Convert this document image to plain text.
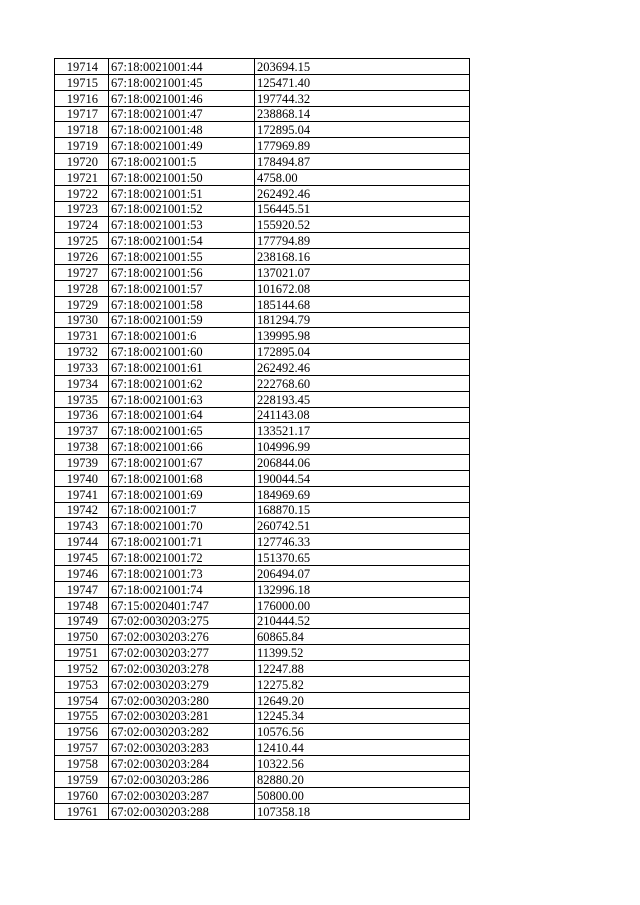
19714	67:18:0021001:44	203694.15
19715	67:18:0021001:45	125471.40
19716	67:18:0021001:46	197744.32
19717	67:18:0021001:47	238868.14
19718	67:18:0021001:48	172895.04
19719	67:18:0021001:49	177969.89
19720	67:18:0021001:5	178494.87
19721	67:18:0021001:50	4758.00
19722	67:18:0021001:51	262492.46
19723	67:18:0021001:52	156445.51
19724	67:18:0021001:53	155920.52
19725	67:18:0021001:54	177794.89
19726	67:18:0021001:55	238168.16
19727	67:18:0021001:56	137021.07
19728	67:18:0021001:57	101672.08
19729	67:18:0021001:58	185144.68
19730	67:18:0021001:59	181294.79
19731	67:18:0021001:6	139995.98
19732	67:18:0021001:60	172895.04
19733	67:18:0021001:61	262492.46
19734	67:18:0021001:62	222768.60
19735	67:18:0021001:63	228193.45
19736	67:18:0021001:64	241143.08
19737	67:18:0021001:65	133521.17
19738	67:18:0021001:66	104996.99
19739	67:18:0021001:67	206844.06
19740	67:18:0021001:68	190044.54
19741	67:18:0021001:69	184969.69
19742	67:18:0021001:7	168870.15
19743	67:18:0021001:70	260742.51
19744	67:18:0021001:71	127746.33
19745	67:18:0021001:72	151370.65
19746	67:18:0021001:73	206494.07
19747	67:18:0021001:74	132996.18
19748	67:15:0020401:747	176000.00
19749	67:02:0030203:275	210444.52
19750	67:02:0030203:276	60865.84
19751	67:02:0030203:277	11399.52
19752	67:02:0030203:278	12247.88
19753	67:02:0030203:279	12275.82
19754	67:02:0030203:280	12649.20
19755	67:02:0030203:281	12245.34
19756	67:02:0030203:282	10576.56
19757	67:02:0030203:283	12410.44
19758	67:02:0030203:284	10322.56
19759	67:02:0030203:286	82880.20
19760	67:02:0030203:287	50800.00
19761	67:02:0030203:288	107358.18
